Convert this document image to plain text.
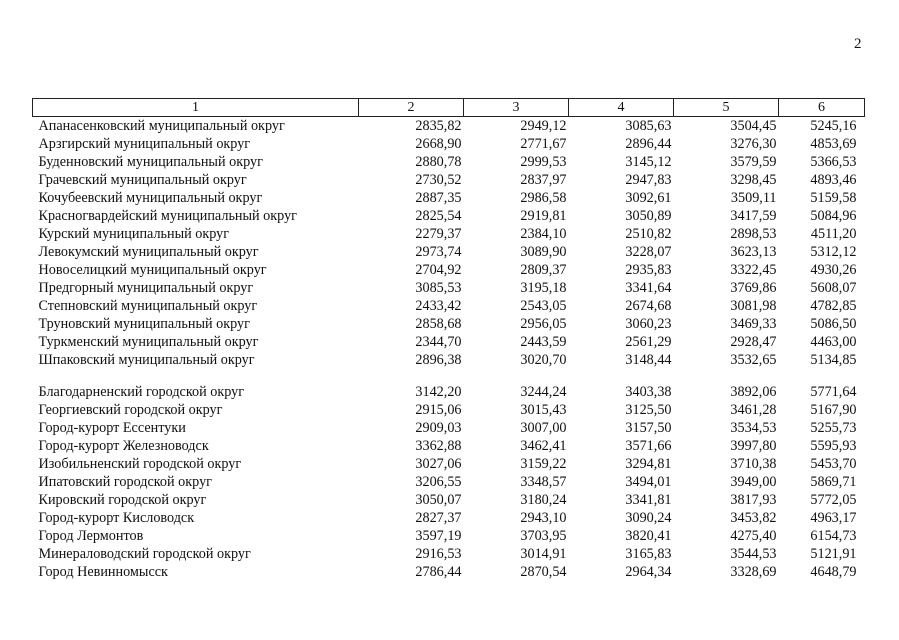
2
1	2	3	4	5	6
Апанасенковский муниципальный округ	2835,82	2949,12	3085,63	3504,45	5245,16
Арзгирский муниципальный округ	2668,90	2771,67	2896,44	3276,30	4853,69
Буденновский муниципальный округ	2880,78	2999,53	3145,12	3579,59	5366,53
Грачевский муниципальный округ	2730,52	2837,97	2947,83	3298,45	4893,46
Кочубеевский муниципальный округ	2887,35	2986,58	3092,61	3509,11	5159,58
Красногвардейский муниципальный округ	2825,54	2919,81	3050,89	3417,59	5084,96
Курский муниципальный округ	2279,37	2384,10	2510,82	2898,53	4511,20
Левокумский муниципальный округ	2973,74	3089,90	3228,07	3623,13	5312,12
Новоселицкий муниципальный округ	2704,92	2809,37	2935,83	3322,45	4930,26
Предгорный муниципальный округ	3085,53	3195,18	3341,64	3769,86	5608,07
Степновский муниципальный округ	2433,42	2543,05	2674,68	3081,98	4782,85
Труновский муниципальный округ	2858,68	2956,05	3060,23	3469,33	5086,50
Туркменский муниципальный округ	2344,70	2443,59	2561,29	2928,47	4463,00
Шпаковский муниципальный округ	2896,38	3020,70	3148,44	3532,65	5134,85

Благодарненский городской округ	3142,20	3244,24	3403,38	3892,06	5771,64
Георгиевский городской округ	2915,06	3015,43	3125,50	3461,28	5167,90
Город-курорт Ессентуки	2909,03	3007,00	3157,50	3534,53	5255,73
Город-курорт Железноводск	3362,88	3462,41	3571,66	3997,80	5595,93
Изобильненский городской округ	3027,06	3159,22	3294,81	3710,38	5453,70
Ипатовский городской округ	3206,55	3348,57	3494,01	3949,00	5869,71
Кировский городской округ	3050,07	3180,24	3341,81	3817,93	5772,05
Город-курорт Кисловодск	2827,37	2943,10	3090,24	3453,82	4963,17
Город Лермонтов	3597,19	3703,95	3820,41	4275,40	6154,73
Минераловодский городской округ	2916,53	3014,91	3165,83	3544,53	5121,91
Город Невинномысск	2786,44	2870,54	2964,34	3328,69	4648,79
